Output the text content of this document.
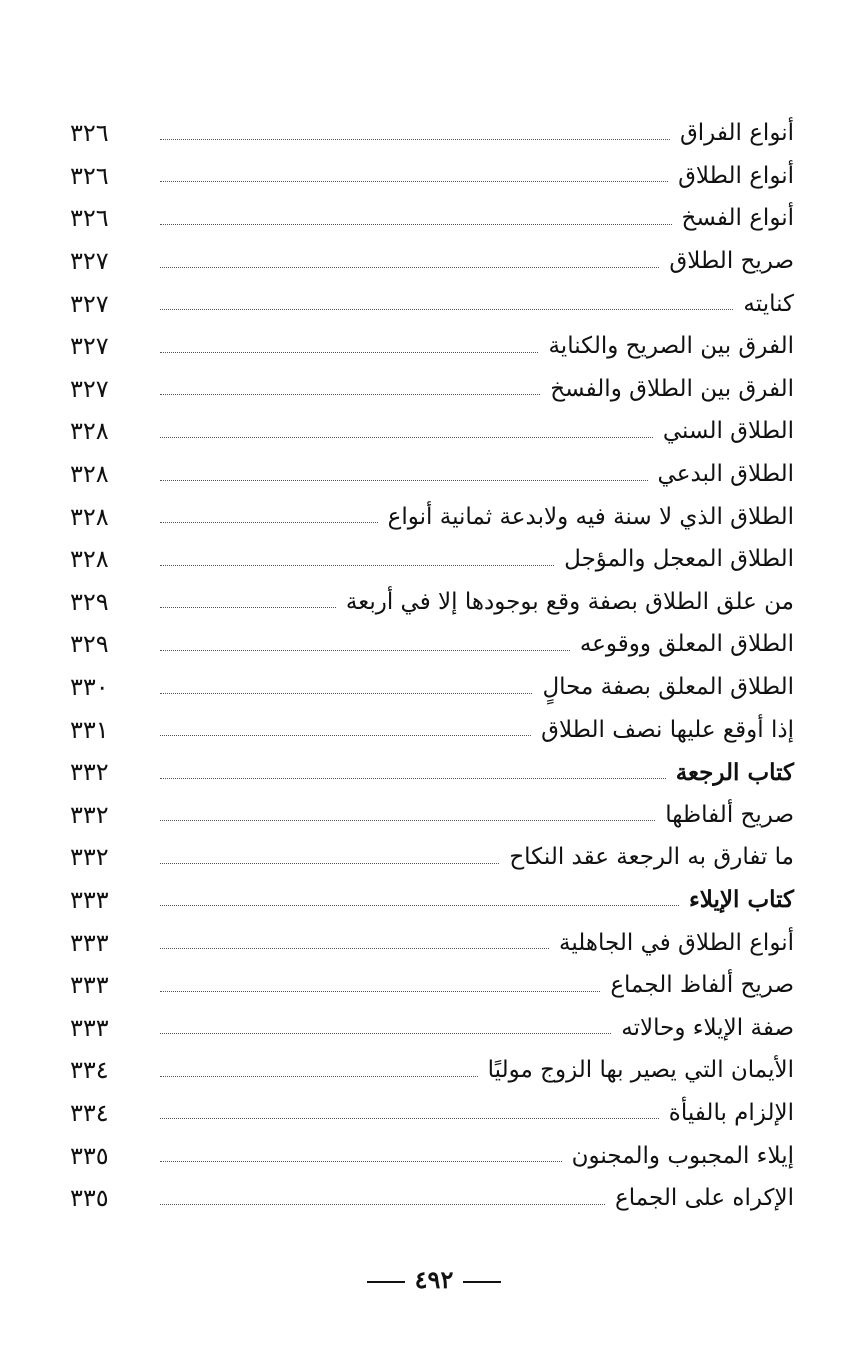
أنواع الفراق
٣٢٦
أنواع الطلاق
٣٢٦
أنواع الفسخ
٣٢٦
صريح الطلاق
٣٢٧
كنايته
٣٢٧
الفرق بين الصريح والكناية
٣٢٧
الفرق بين الطلاق والفسخ
٣٢٧
الطلاق السني
٣٢٨
الطلاق البدعي
٣٢٨
الطلاق الذي لا سنة فيه ولابدعة ثمانية أنواع
٣٢٨
الطلاق المعجل والمؤجل
٣٢٨
من علق الطلاق بصفة وقع بوجودها إلا في أربعة
٣٢٩
الطلاق المعلق ووقوعه
٣٢٩
الطلاق المعلق بصفة محالٍ
٣٣٠
إذا أوقع عليها نصف الطلاق
٣٣١
كتاب الرجعة
٣٣٢
صريح ألفاظها
٣٣٢
ما تفارق به الرجعة عقد النكاح
٣٣٢
كتاب الإيلاء
٣٣٣
أنواع الطلاق في الجاهلية
٣٣٣
صريح ألفاظ الجماع
٣٣٣
صفة الإيلاء وحالاته
٣٣٣
الأيمان التي يصير بها الزوج موليًا
٣٣٤
الإلزام بالفيأة
٣٣٤
إيلاء المجبوب والمجنون
٣٣٥
الإكراه على الجماع
٣٣٥
٤٩٢
